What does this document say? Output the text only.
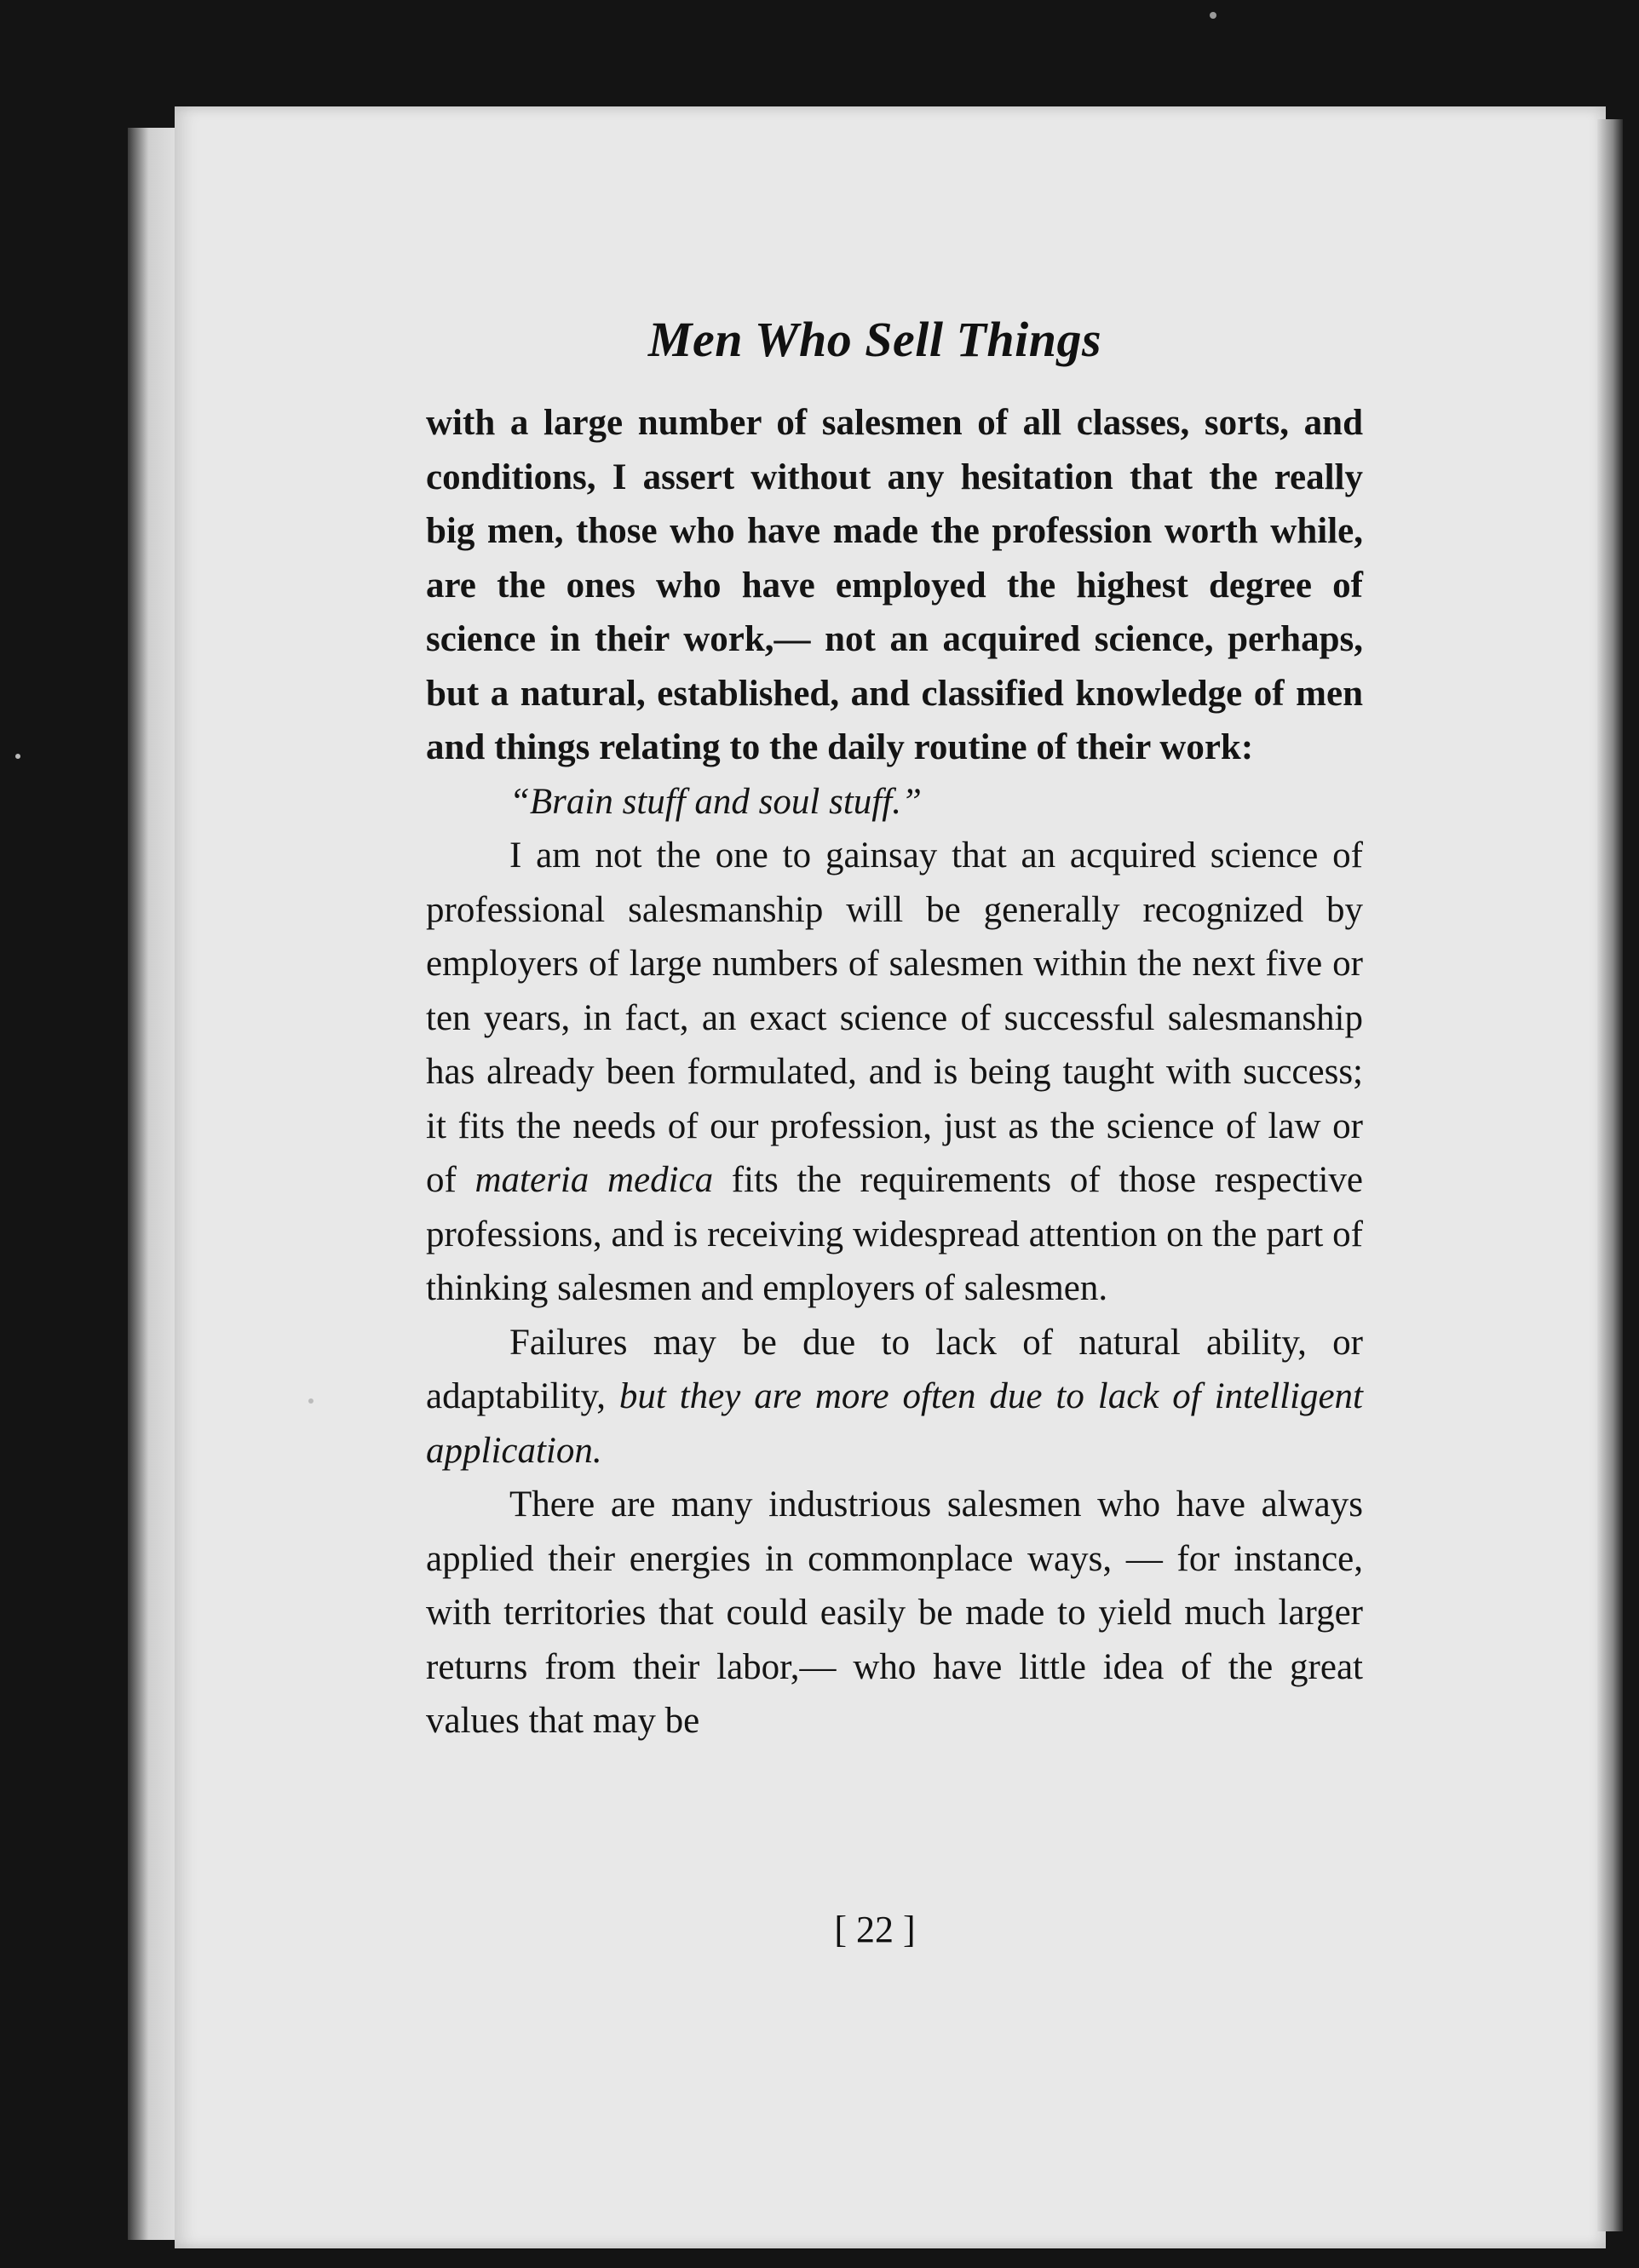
Men Who Sell Things

with a large number of salesmen of all classes, sorts, and conditions, I assert without any hesitation that the really big men, those who have made the profession worth while, are the ones who have employed the highest degree of science in their work,— not an acquired science, perhaps, but a natural, established, and classified knowledge of men and things relating to the daily routine of their work:

“Brain stuff and soul stuff.”

I am not the one to gainsay that an acquired science of professional salesmanship will be generally recognized by employers of large numbers of salesmen within the next five or ten years, in fact, an exact science of successful salesmanship has already been formulated, and is being taught with success; it fits the needs of our profession, just as the science of law or of materia medica fits the requirements of those respective professions, and is receiving widespread attention on the part of thinking salesmen and employers of salesmen.

Failures may be due to lack of natural ability, or adaptability, but they are more often due to lack of intelligent application.

There are many industrious salesmen who have always applied their energies in commonplace ways, — for instance, with territories that could easily be made to yield much larger returns from their labor,— who have little idea of the great values that may be

[ 22 ]
